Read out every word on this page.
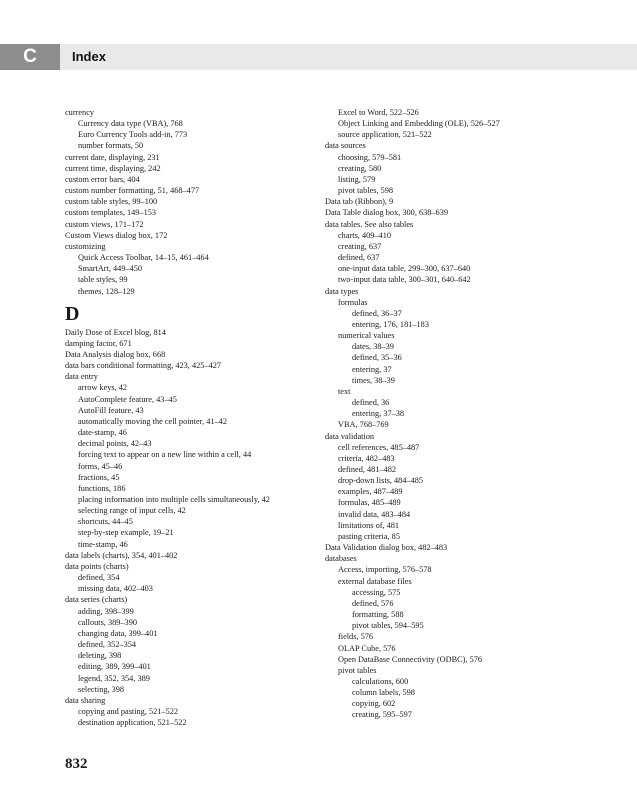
C	Index
currency
Currency data type (VBA), 768
Euro Currency Tools add-in, 773
number formats, 50
current date, displaying, 231
current time, displaying, 242
custom error bars, 404
custom number formatting, 51, 468–477
custom table styles, 99–100
custom templates, 149–153
custom views, 171–172
Custom Views dialog box, 172
customizing
Quick Access Toolbar, 14–15, 461–464
SmartArt, 449–450
table styles, 99
themes, 128–129
D
Daily Dose of Excel blog, 814
damping factor, 671
Data Analysis dialog box, 668
data bars conditional formatting, 423, 425–427
data entry
arrow keys, 42
AutoComplete feature, 43–45
AutoFill feature, 43
automatically moving the cell pointer, 41–42
date-stamp, 46
decimal points, 42–43
forcing text to appear on a new line within a cell, 44
forms, 45–46
fractions, 45
functions, 186
placing information into multiple cells simultaneously, 42
selecting range of input cells, 42
shortcuts, 44–45
step-by-step example, 19–21
time-stamp, 46
data labels (charts), 354, 401–402
data points (charts)
defined, 354
missing data, 402–403
data series (charts)
adding, 398–399
callouts, 389–390
changing data, 399–401
defined, 352–354
deleting, 398
editing, 389, 399–401
legend, 352, 354, 389
selecting, 398
data sharing
copying and pasting, 521–522
destination application, 521–522
Excel to Word, 522–526
Object Linking and Embedding (OLE), 526–527
source application, 521–522
data sources
choosing, 579–581
creating, 580
listing, 579
pivot tables, 598
Data tab (Ribbon), 9
Data Table dialog box, 300, 638–639
data tables. See also tables
charts, 409–410
creating, 637
defined, 637
one-input data table, 299–300, 637–640
two-input data table, 300–301, 640–642
data types
formulas
defined, 36–37
entering, 176, 181–183
numerical values
dates, 38–39
defined, 35–36
entering, 37
times, 38–39
text
defined, 36
entering, 37–38
VBA, 768–769
data validation
cell references, 485–487
criteria, 482–483
defined, 481–482
drop-down lists, 484–485
examples, 487–489
formulas, 485–489
invalid data, 483–484
limitations of, 481
pasting criteria, 85
Data Validation dialog box, 482–483
databases
Access, importing, 576–578
external database files
accessing, 575
defined, 576
formatting, 588
pivot tables, 594–595
fields, 576
OLAP Cube, 576
Open DataBase Connectivity (ODBC), 576
pivot tables
calculations, 600
column labels, 598
copying, 602
creating, 595–597
832
